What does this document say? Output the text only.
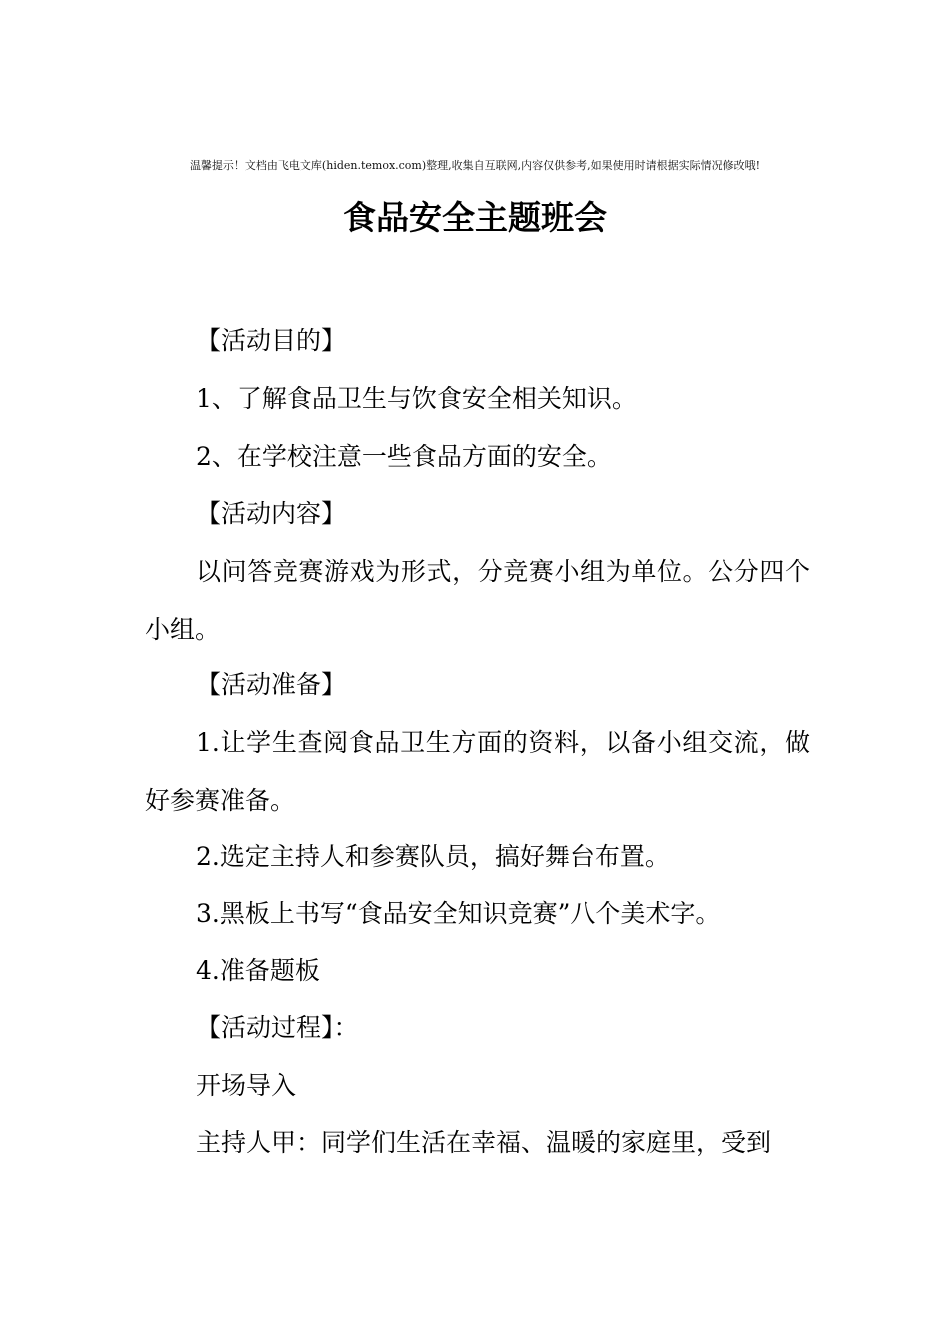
温馨提示！文档由飞电文库(hiden.temox.com)整理,收集自互联网,内容仅供参考,如果使用时请根据实际情况修改哦!
食品安全主题班会
【活动目的】
1、了解食品卫生与饮食安全相关知识。
2、在学校注意一些食品方面的安全。
【活动内容】
以问答竞赛游戏为形式，分竞赛小组为单位。公分四个小组。
【活动准备】
1.让学生查阅食品卫生方面的资料，以备小组交流，做好参赛准备。
2.选定主持人和参赛队员，搞好舞台布置。
3.黑板上书写“食品安全知识竞赛”八个美术字。
4.准备题板
【活动过程】：
开场导入
主持人甲：同学们生活在幸福、温暖的家庭里，受到
